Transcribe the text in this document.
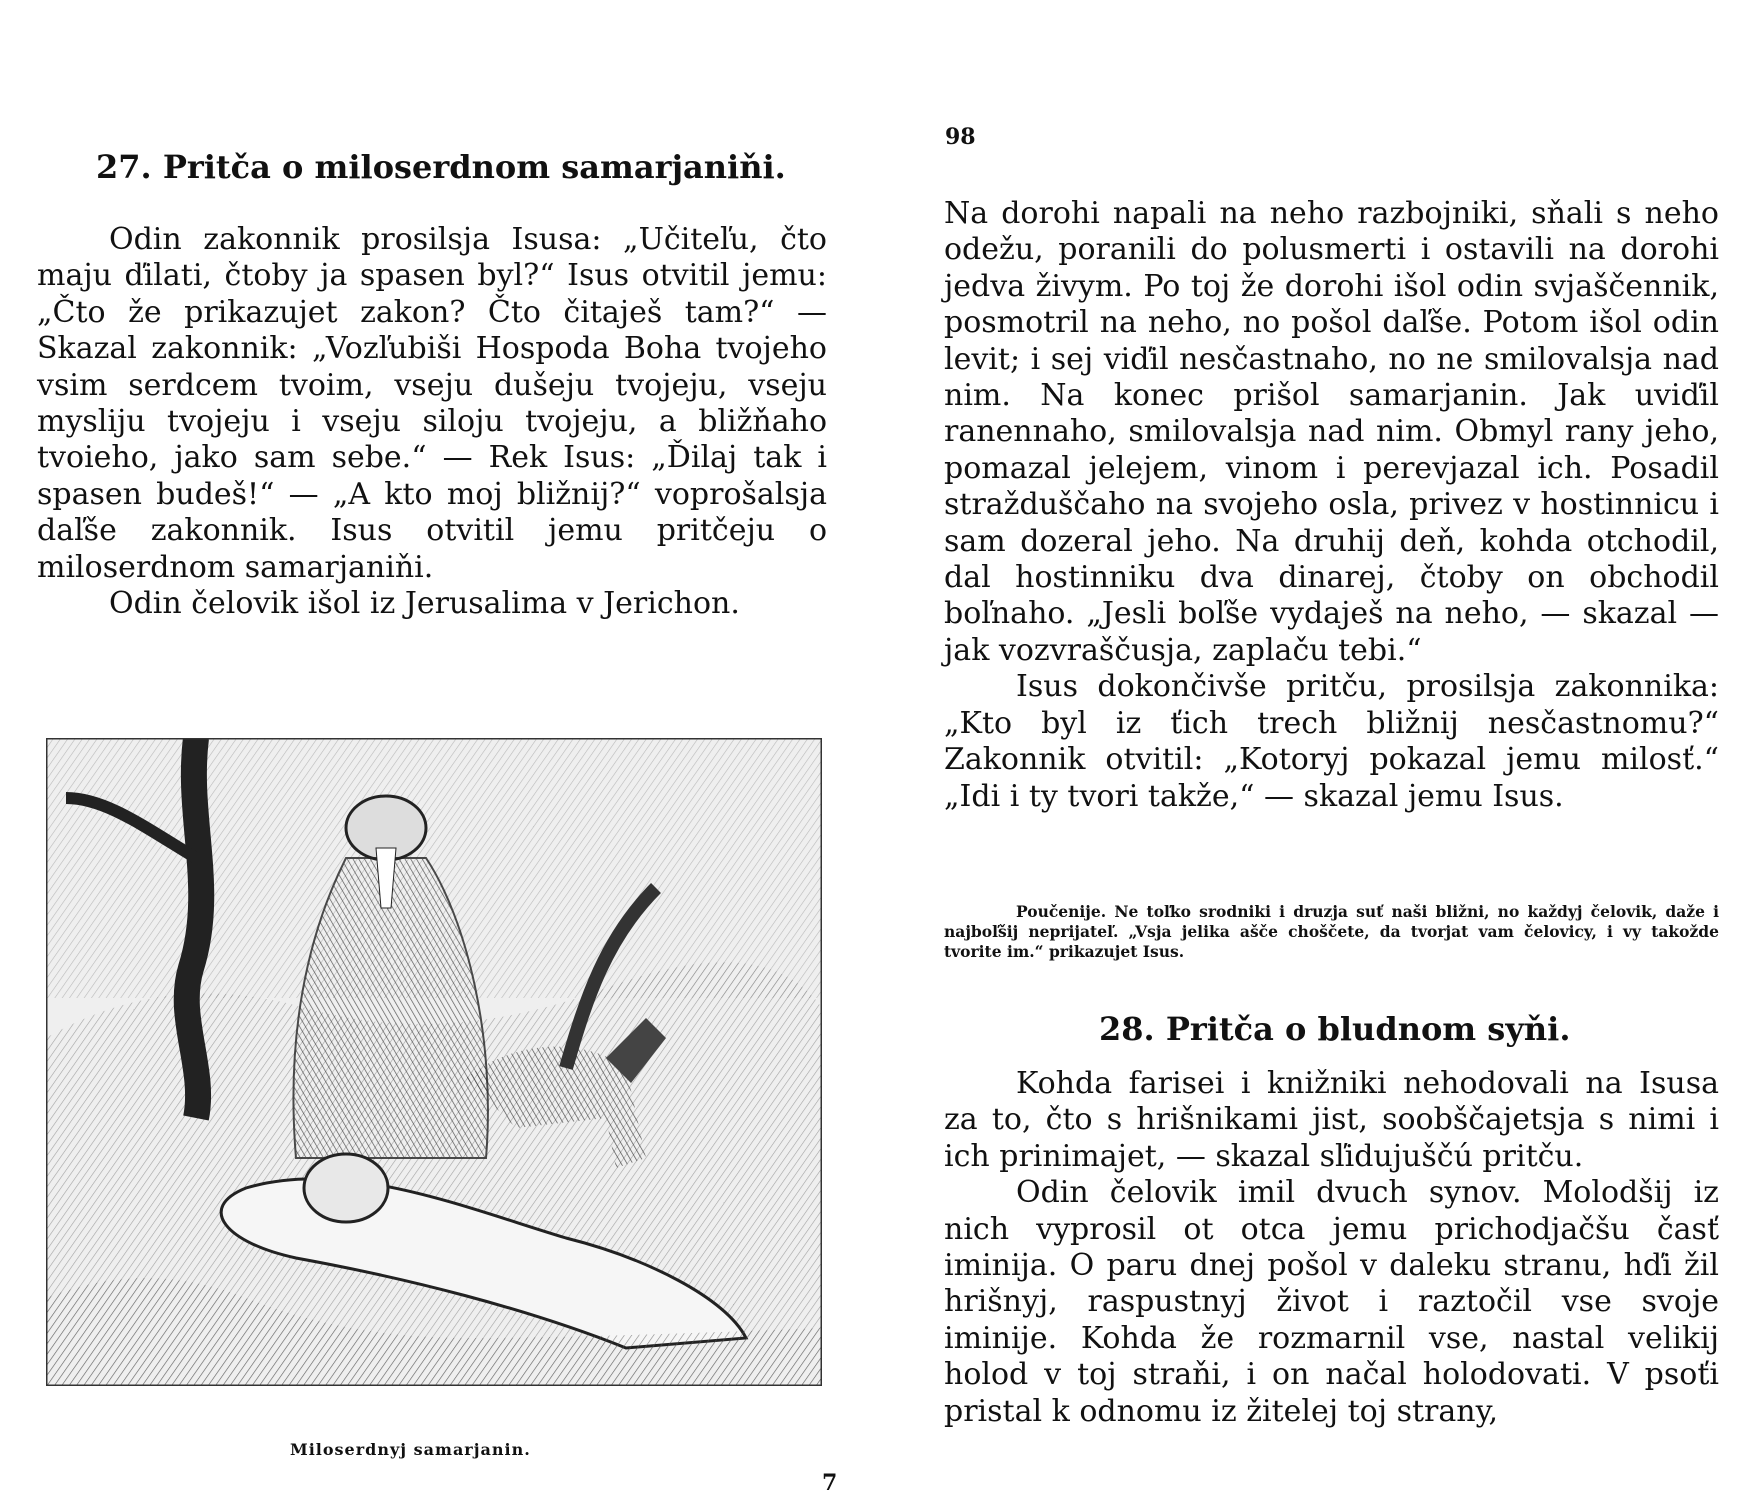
27. Pritča o miloserdnom samarjaniňi.

Odin zakonnik prosilsja Isusa: „Učiteľu, čto maju ďilati, čtoby ja spasen byl?“ Isus otvitil jemu: „Čto že prikazujet zakon? Čto čitaješ tam?“ — Skazal zakonnik: „Vozľubiši Hospoda Boha tvojeho vsim serdcem tvoim, vseju dušeju tvojeju, vseju mysliju tvojeju i vseju siloju tvojeju, a bližňaho tvoieho, jako sam sebe.“ — Rek Isus: „Ďilaj tak i spasen budeš!“ — „A kto moj bližnij?“ voprošalsja daľše zakonnik. Isus otvitil jemu pritčeju o miloserdnom samarjaniňi.

Odin čelovik išol iz Jerusalima v Jerichon.

Miloserdnyj samarjanin.
7
98

Na dorohi napali na neho razbojniki, sňali s neho odežu, poranili do polusmerti i ostavili na dorohi jedva živym. Po toj že dorohi išol odin svjaščennik, posmotril na neho, no pošol daľše. Potom išol odin levit; i sej viďil nesčastnaho, no ne smilovalsja nad nim. Na konec prišol samarjanin. Jak uviďil ranennaho, smilovalsja nad nim. Obmyl rany jeho, pomazal jelejem, vinom i perevjazal ich. Posadil stražduščaho na svojeho osla, privez v hostinnicu i sam dozeral jeho. Na druhij deň, kohda otchodil, dal hostinniku dva dinarej, čtoby on obchodil boľnaho. „Jesli boľše vydaješ na neho, — skazal — jak vozvraščusja, zaplaču tebi.“

Isus dokončivše pritču, prosilsja zakonnika: „Kto byl iz ťich trech bližnij nesčastnomu?“ Zakonnik otvitil: „Kotoryj pokazal jemu milosť.“ „Idi i ty tvori takže,“ — skazal jemu Isus.

Poučenije. Ne toľko srodniki i druzja suť naši bližni, no každyj čelovik, daže i najboľšij neprijateľ. „Vsja jelika ašče choščete, da tvorjat vam čelovicy, i vy takožde tvorite im.“ prikazujet Isus.
28. Pritča o bludnom syňi.

Kohda farisei i knižniki nehodovali na Isusa za to, čto s hrišnikami jist, soobščajetsja s nimi i ich prinimajet, — skazal sľidujuščú pritču.

Odin čelovik imil dvuch synov. Molodšij iz nich vyprosil ot otca jemu prichodjačšu časť iminija. O paru dnej pošol v daleku stranu, hďi žil hrišnyj, raspustnyj život i raztočil vse svoje iminije. Kohda že rozmarnil vse, nastal velikij holod v toj straňi, i on načal holodovati. V psoťi pristal k odnomu iz žitelej toj strany,
